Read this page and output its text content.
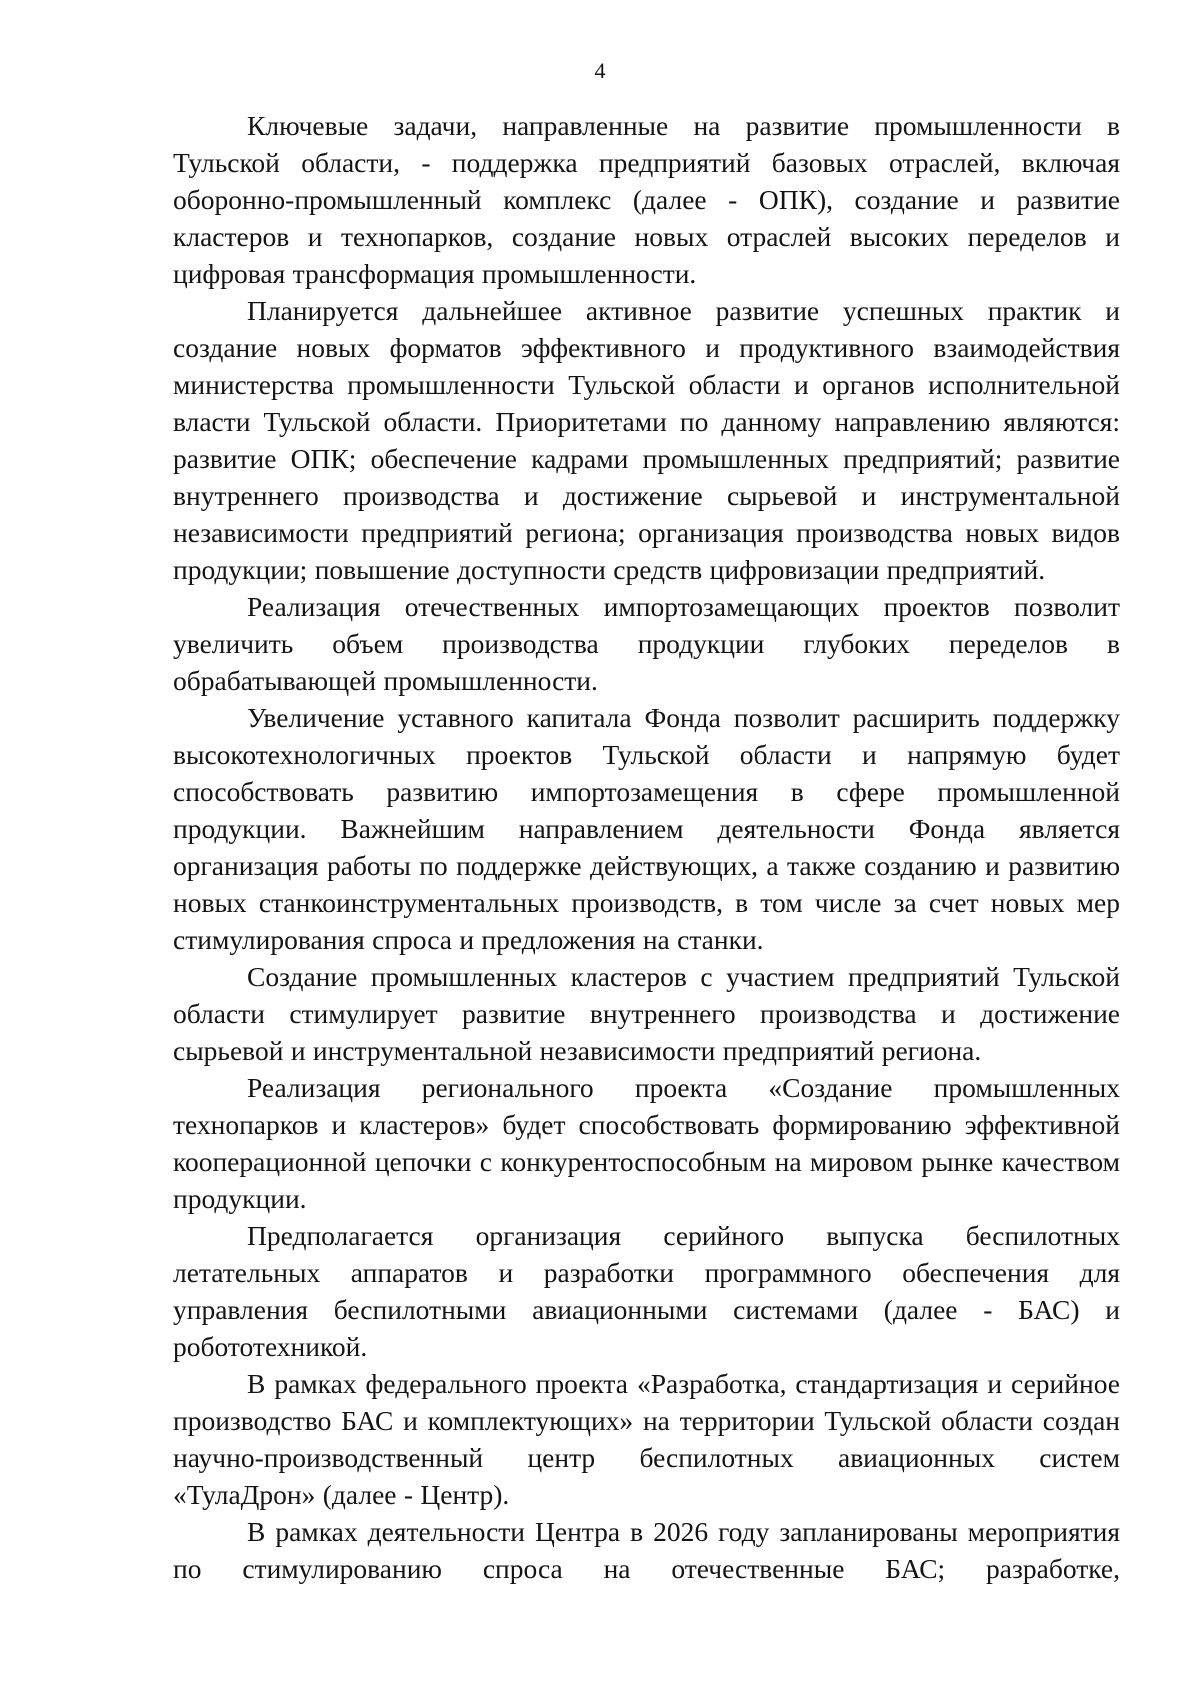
4

Ключевые задачи, направленные на развитие промышленности в Тульской области, - поддержка предприятий базовых отраслей, включая оборонно-промышленный комплекс (далее - ОПК), создание и развитие кластеров и технопарков, создание новых отраслей высоких переделов и цифровая трансформация промышленности.

Планируется дальнейшее активное развитие успешных практик и создание новых форматов эффективного и продуктивного взаимодействия министерства промышленности Тульской области и органов исполнительной власти Тульской области. Приоритетами по данному направлению являются: развитие ОПК; обеспечение кадрами промышленных предприятий; развитие внутреннего производства и достижение сырьевой и инструментальной независимости предприятий региона; организация производства новых видов продукции; повышение доступности средств цифровизации предприятий.

Реализация отечественных импортозамещающих проектов позволит увеличить объем производства продукции глубоких переделов в обрабатывающей промышленности.

Увеличение уставного капитала Фонда позволит расширить поддержку высокотехнологичных проектов Тульской области и напрямую будет способствовать развитию импортозамещения в сфере промышленной продукции. Важнейшим направлением деятельности Фонда является организация работы по поддержке действующих, а также созданию и развитию новых станкоинструментальных производств, в том числе за счет новых мер стимулирования спроса и предложения на станки.

Создание промышленных кластеров с участием предприятий Тульской области стимулирует развитие внутреннего производства и достижение сырьевой и инструментальной независимости предприятий региона.

Реализация регионального проекта «Создание промышленных технопарков и кластеров» будет способствовать формированию эффективной кооперационной цепочки с конкурентоспособным на мировом рынке качеством продукции.

Предполагается организация серийного выпуска беспилотных летательных аппаратов и разработки программного обеспечения для управления беспилотными авиационными системами (далее - БАС) и робототехникой.

В рамках федерального проекта «Разработка, стандартизация и серийное производство БАС и комплектующих» на территории Тульской области создан научно-производственный центр беспилотных авиационных систем «ТулаДрон» (далее - Центр).

В рамках деятельности Центра в 2026 году запланированы мероприятия по стимулированию спроса на отечественные БАС; разработке,
